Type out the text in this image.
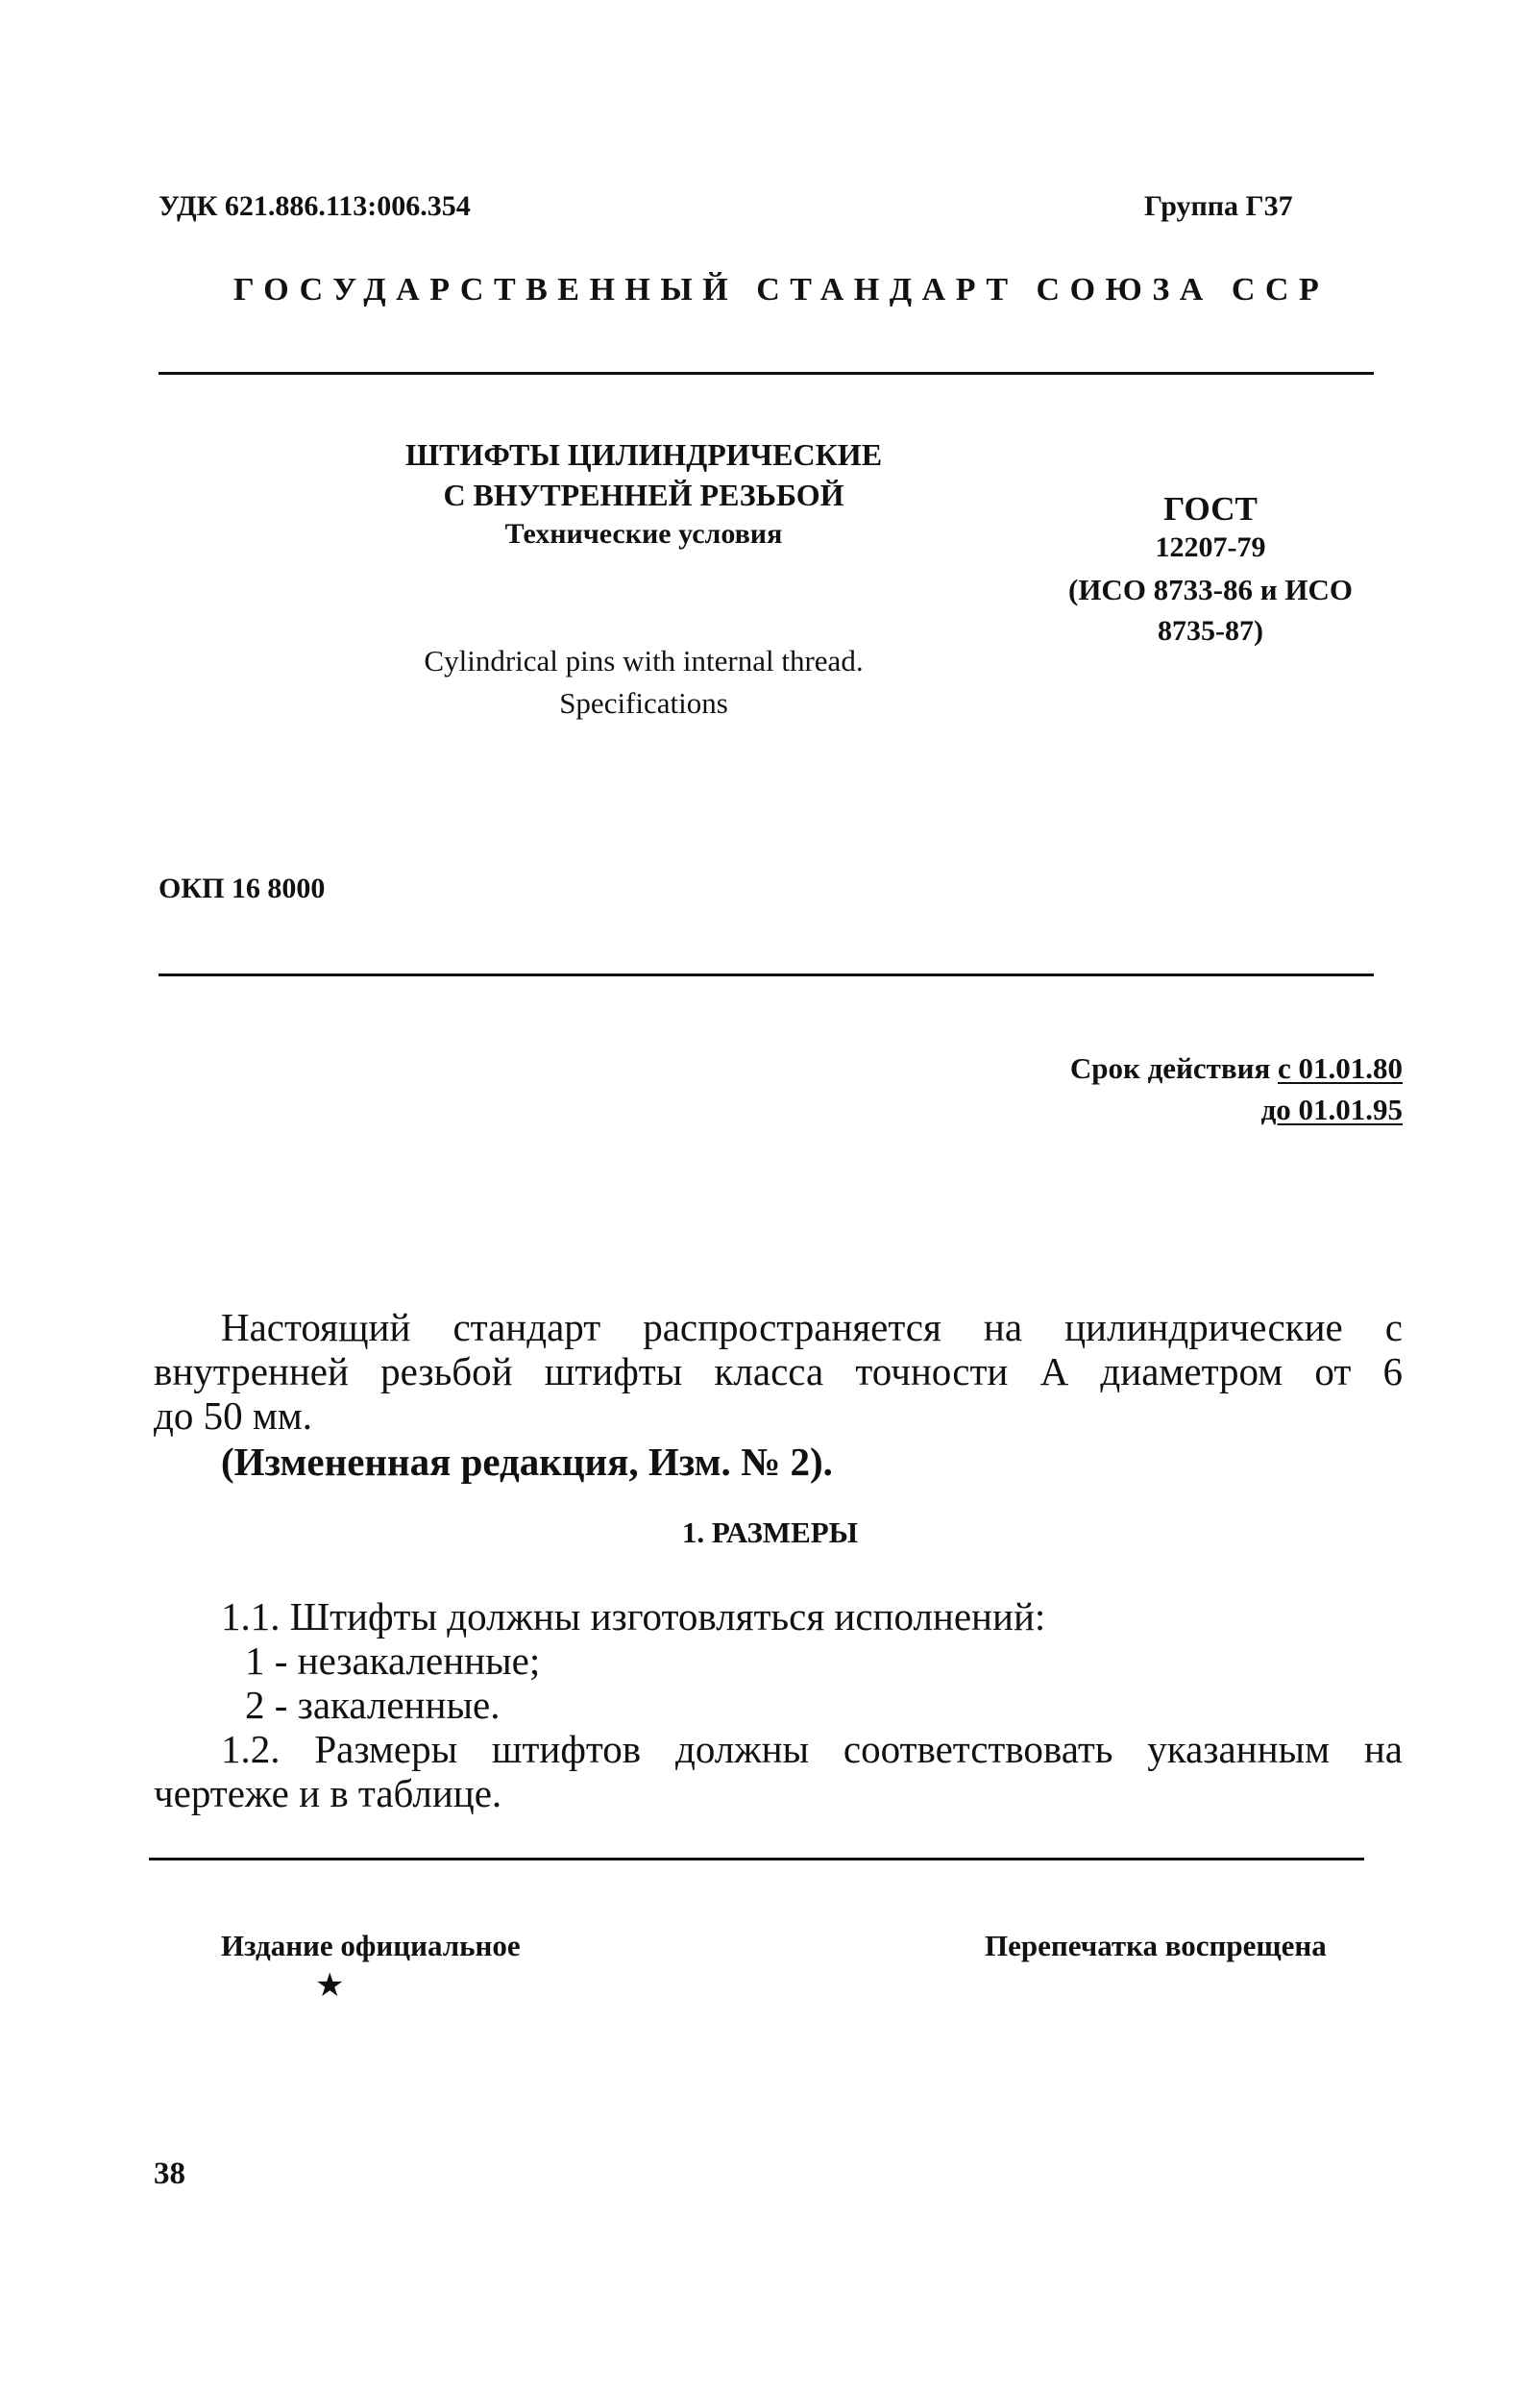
УДК 621.886.113:006.354	Группа Г37
ГОСУДАРСТВЕННЫЙ СТАНДАРТ СОЮЗА ССР
ШТИФТЫ ЦИЛИНДРИЧЕСКИЕ
С ВНУТРЕННЕЙ РЕЗЬБОЙ
Технические условия
Cylindrical pins with internal thread.
Specifications
ГОСТ
12207-79
(ИСО 8733-86 и ИСО
8735-87)
ОКП 16 8000
Срок действия с 01.01.80
до 01.01.95
Настоящий стандарт распространяется на цилиндрические с
внутренней резьбой штифты класса точности А диаметром от 6
до 50 мм.
(Измененная редакция, Изм. № 2).
1. РАЗМЕРЫ
1.1. Штифты должны изготовляться исполнений:
1 - незакаленные;
2 - закаленные.
1.2. Размеры штифтов должны соответствовать указанным на
чертеже и в таблице.
Издание официальное
★
Перепечатка воспрещена
38
